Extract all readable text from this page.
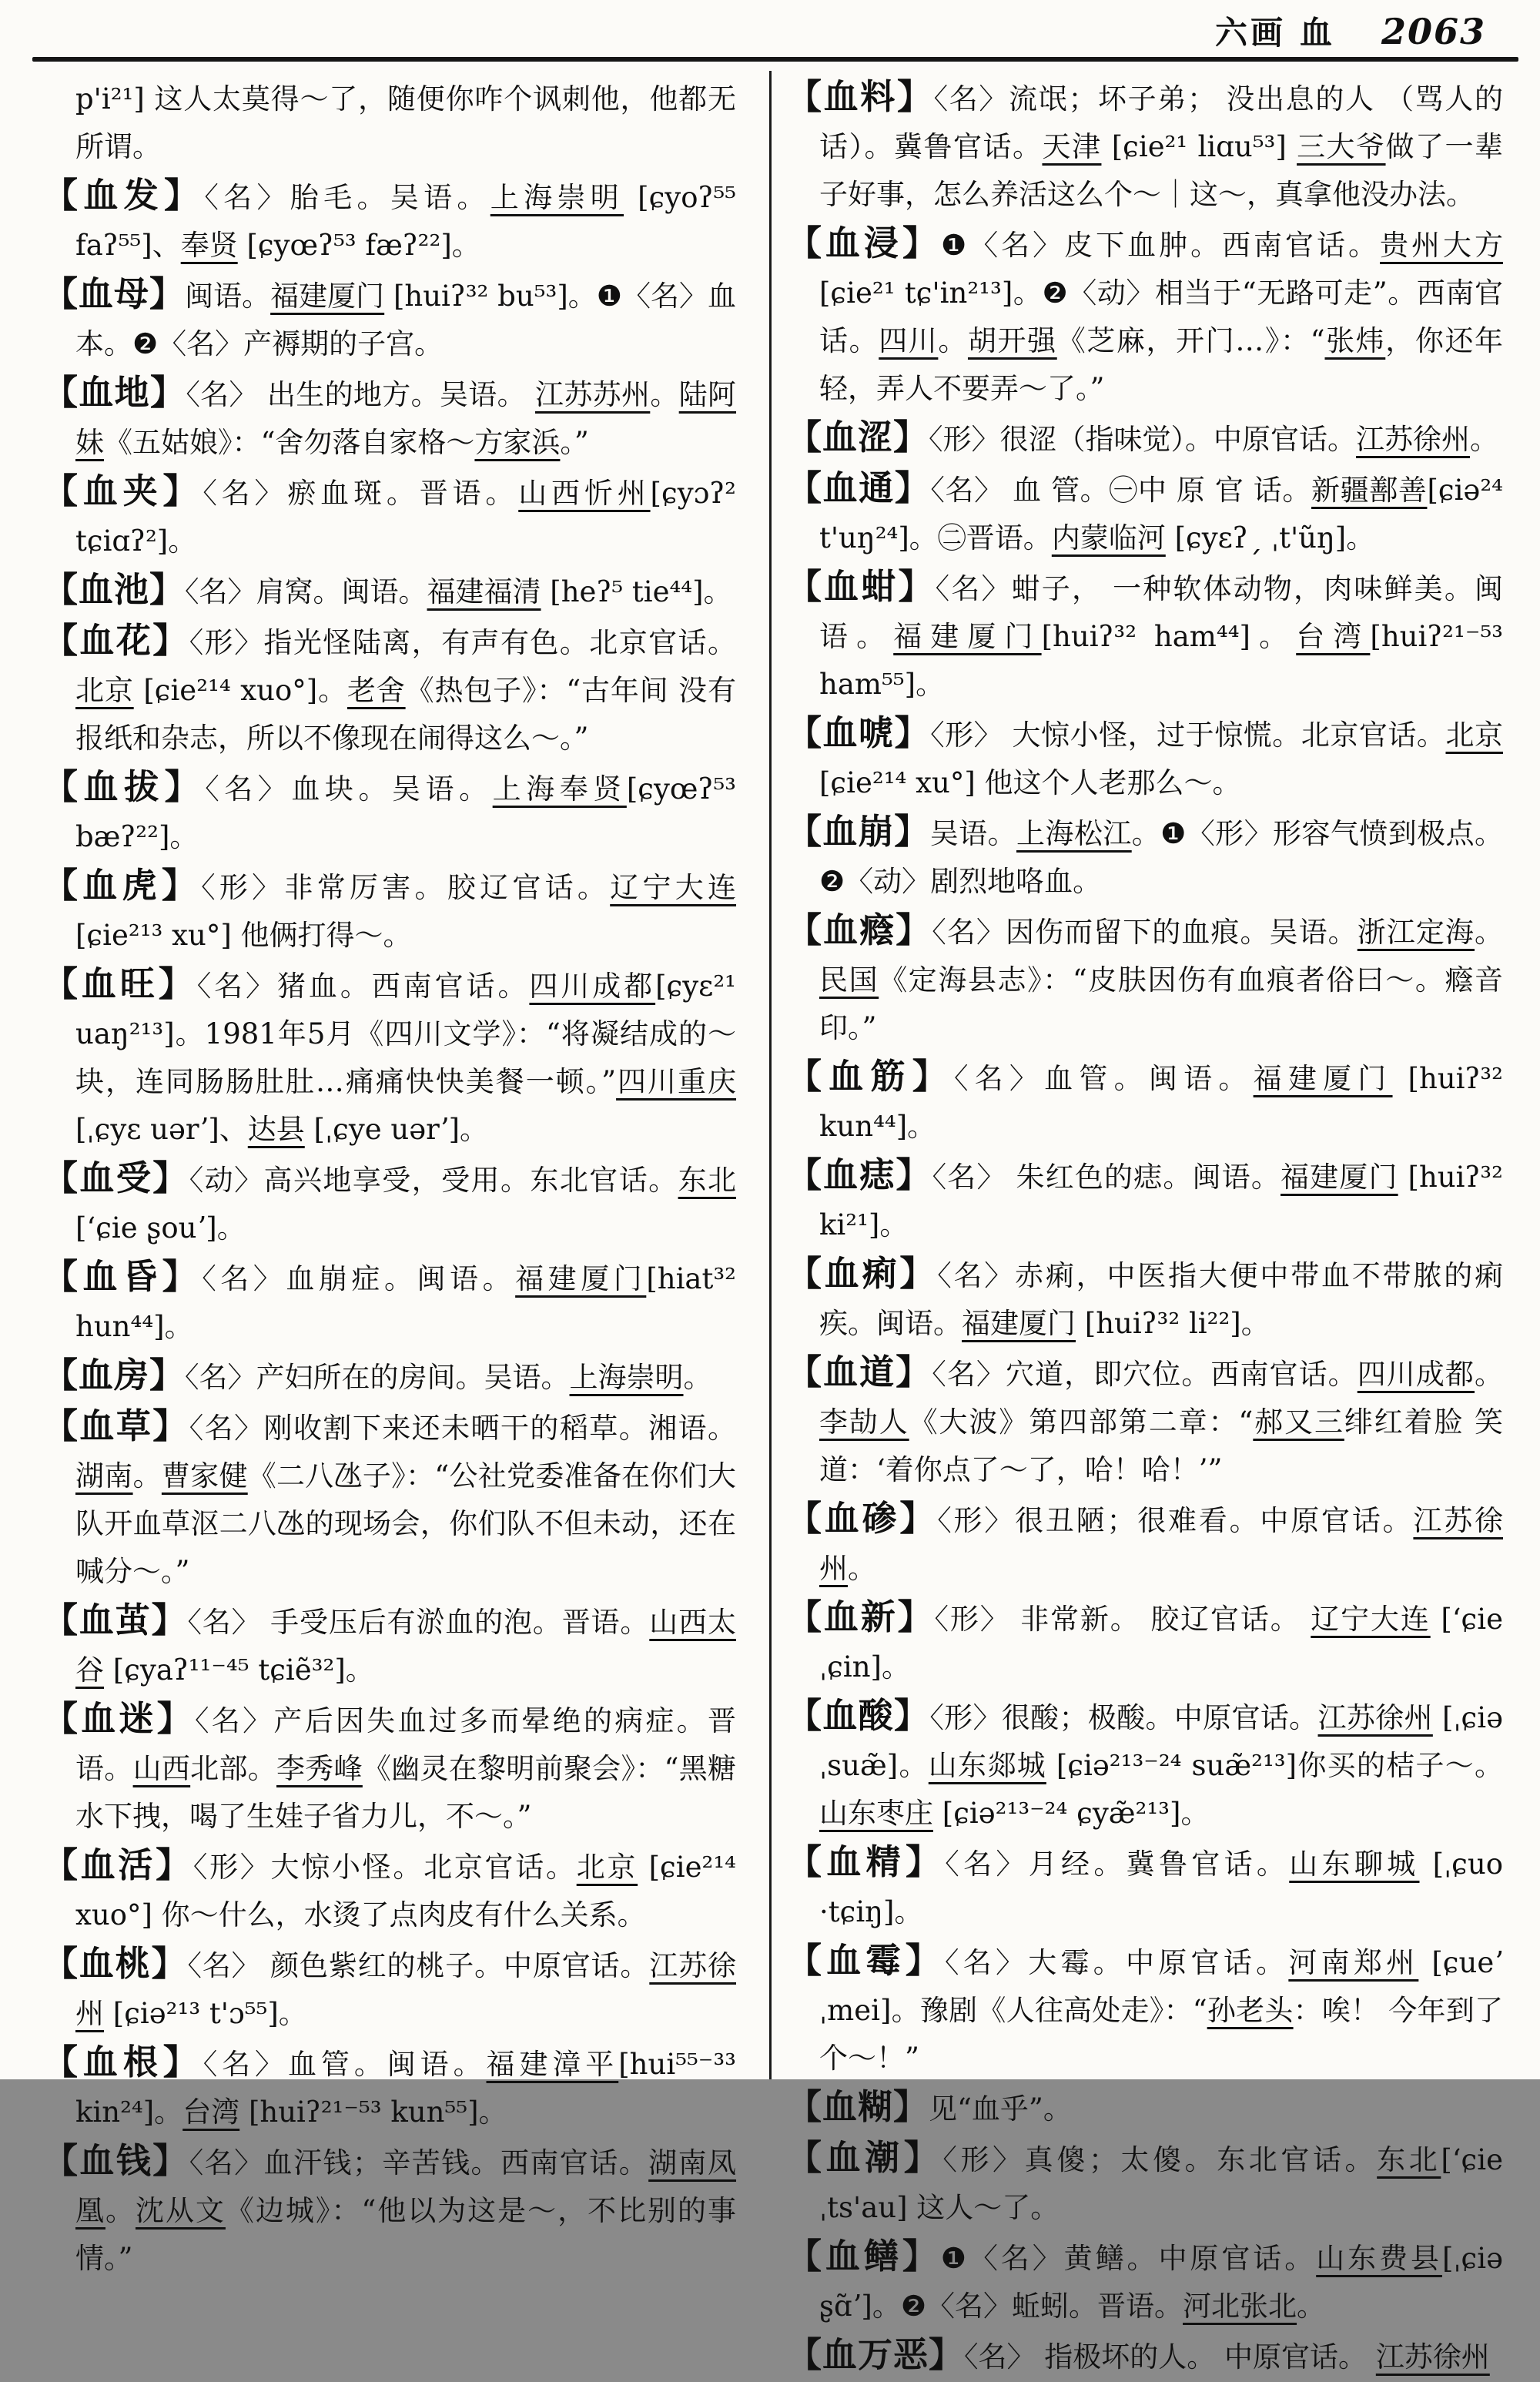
六画 血 2063

p'i²¹] 这人太莫得～了，随便你咋个讽刺他，他都无所谓。

【血发】〈名〉胎毛。吴语。上海崇明 [ɕyoʔ⁵⁵ faʔ⁵⁵]、奉贤 [ɕyœʔ⁵³ fæʔ²²]。

【血母】闽语。福建厦门 [huiʔ³² bu⁵³]。❶〈名〉血本。❷〈名〉产褥期的子宫。

【血地】〈名〉 出生的地方。吴语。 江苏苏州。陆阿妹《五姑娘》：“舍勿落自家格～方家浜。”

【血夹】〈名〉瘀血斑。晋语。山西忻州[ɕyɔʔ² tɕiɑʔ²]。

【血池】〈名〉肩窝。闽语。福建福清 [heʔ⁵ tie⁴⁴]。

【血花】〈形〉指光怪陆离，有声有色。北京官话。北京 [ɕie²¹⁴ xuo°]。老舍《热包子》：“古年间 没有报纸和杂志，所以不像现在闹得这么～。”

【血拔】〈名〉血块。吴语。上海奉贤[ɕyœʔ⁵³ bæʔ²²]。

【血虎】〈形〉非常厉害。胶辽官话。辽宁大连 [ɕie²¹³ xu°] 他俩打得～。

【血旺】〈名〉猪血。西南官话。四川成都[ɕyɛ²¹ uaŋ²¹³]。1981年5月《四川文学》：“将凝结成的～块，连同肠肠肚肚…痛痛快快美餐一顿。”四川重庆 [ˌɕyɛ uərʼ]、达县 [ˌɕye uərʼ]。

【血受】〈动〉高兴地享受，受用。东北官话。东北 [ʻɕie ʂouʼ]。

【血昏】〈名〉血崩症。闽语。福建厦门[hiat³² hun⁴⁴]。

【血房】〈名〉产妇所在的房间。吴语。上海崇明。

【血草】〈名〉刚收割下来还未晒干的稻草。湘语。湖南。曹家健《二八氹子》：“公社党委准备在你们大队开血草沤二八氹的现场会，你们队不但未动，还在喊分～。”

【血茧】〈名〉 手受压后有淤血的泡。晋语。山西太谷 [ɕyaʔ¹¹⁻⁴⁵ tɕiẽ³²]。

【血迷】〈名〉产后因失血过多而晕绝的病症。晋语。山西北部。李秀峰《幽灵在黎明前聚会》：“黑糖水下拽，喝了生娃子省力儿，不～。”

【血活】〈形〉大惊小怪。北京官话。北京 [ɕie²¹⁴ xuo°] 你～什么，水烫了点肉皮有什么关系。

【血桃】〈名〉 颜色紫红的桃子。中原官话。江苏徐州 [ɕiə²¹³ t'ɔ⁵⁵]。

【血根】〈名〉血管。闽语。福建漳平[hui⁵⁵⁻³³ kin²⁴]。台湾 [huiʔ²¹⁻⁵³ kun⁵⁵]。

【血钱】〈名〉血汗钱；辛苦钱。西南官话。湖南凤凰。沈从文《边城》：“他以为这是～，不比别的事情。”

【血料】〈名〉流氓；坏子弟； 没出息的人 （骂人的话）。冀鲁官话。天津 [ɕie²¹ liɑu⁵³] 三大爷做了一辈子好事，怎么养活这么个～｜这～，真拿他没办法。

【血浸】❶〈名〉皮下血肿。西南官话。贵州大方 [ɕie²¹ tɕ'in²¹³]。❷〈动〉相当于“无路可走”。西南官话。四川。胡开强《芝麻，开门…》：“张炜，你还年轻，弄人不要弄～了。”

【血涩】〈形〉很涩（指味觉）。中原官话。江苏徐州。

【血通】〈名〉 血 管。㊀中 原 官 话。新疆鄯善[ɕiə²⁴ t'uŋ²⁴]。㊁晋语。内蒙临河 [ɕyɛʔˏ ˌt'ũŋ]。

【血蚶】〈名〉蚶子， 一种软体动物，肉味鲜美。闽语。福建厦门[huiʔ³² ham⁴⁴]。台湾[huiʔ²¹⁻⁵³ ham⁵⁵]。

【血唬】〈形〉 大惊小怪，过于惊慌。北京官话。北京[ɕie²¹⁴ xu°] 他这个人老那么～。

【血崩】吴语。上海松江。❶〈形〉形容气愤到极点。❷〈动〉剧烈地咯血。

【血癊】〈名〉因伤而留下的血痕。吴语。浙江定海。民国《定海县志》：“皮肤因伤有血痕者俗曰～。癊音印。”

【血筋】〈名〉血管。闽语。福建厦门 [huiʔ³² kun⁴⁴]。

【血痣】〈名〉 朱红色的痣。闽语。福建厦门 [huiʔ³² ki²¹]。

【血痢】〈名〉赤痢，中医指大便中带血不带脓的痢疾。闽语。福建厦门 [huiʔ³² li²²]。

【血道】〈名〉穴道，即穴位。西南官话。四川成都。李劼人《大波》第四部第二章：“郝又三绯红着脸 笑道：‘着你点了～了，哈！哈！’”

【血碜】〈形〉很丑陋；很难看。中原官话。江苏徐州。

【血新】〈形〉 非常新。 胶辽官话。 辽宁大连 [ʻɕie ˌɕin]。

【血酸】〈形〉很酸；极酸。中原官话。江苏徐州 [ˌɕiə ˌsuæ̃]。山东郯城 [ɕiə²¹³⁻²⁴ suæ̃²¹³]你买的桔子～。山东枣庄 [ɕiə²¹³⁻²⁴ ɕyæ̃²¹³]。

【血精】〈名〉月经。冀鲁官话。山东聊城 [ˌɕuo ·tɕiŋ]。

【血霉】〈名〉大霉。中原官话。河南郑州 [ɕueʼ ˌmei]。豫剧《人往高处走》：“孙老头：唉！ 今年到了个～！”

【血糊】见“血乎”。

【血潮】〈形〉真傻；太傻。东北官话。东北[ʻɕie ˌts'au] 这人～了。

【血鳝】❶〈名〉黄鳝。中原官话。山东费县[ˌɕiə ʂɑ̃ʼ]。❷〈名〉蚯蚓。晋语。河北张北。

【血万恶】〈名〉 指极坏的人。 中原官话。 江苏徐州
